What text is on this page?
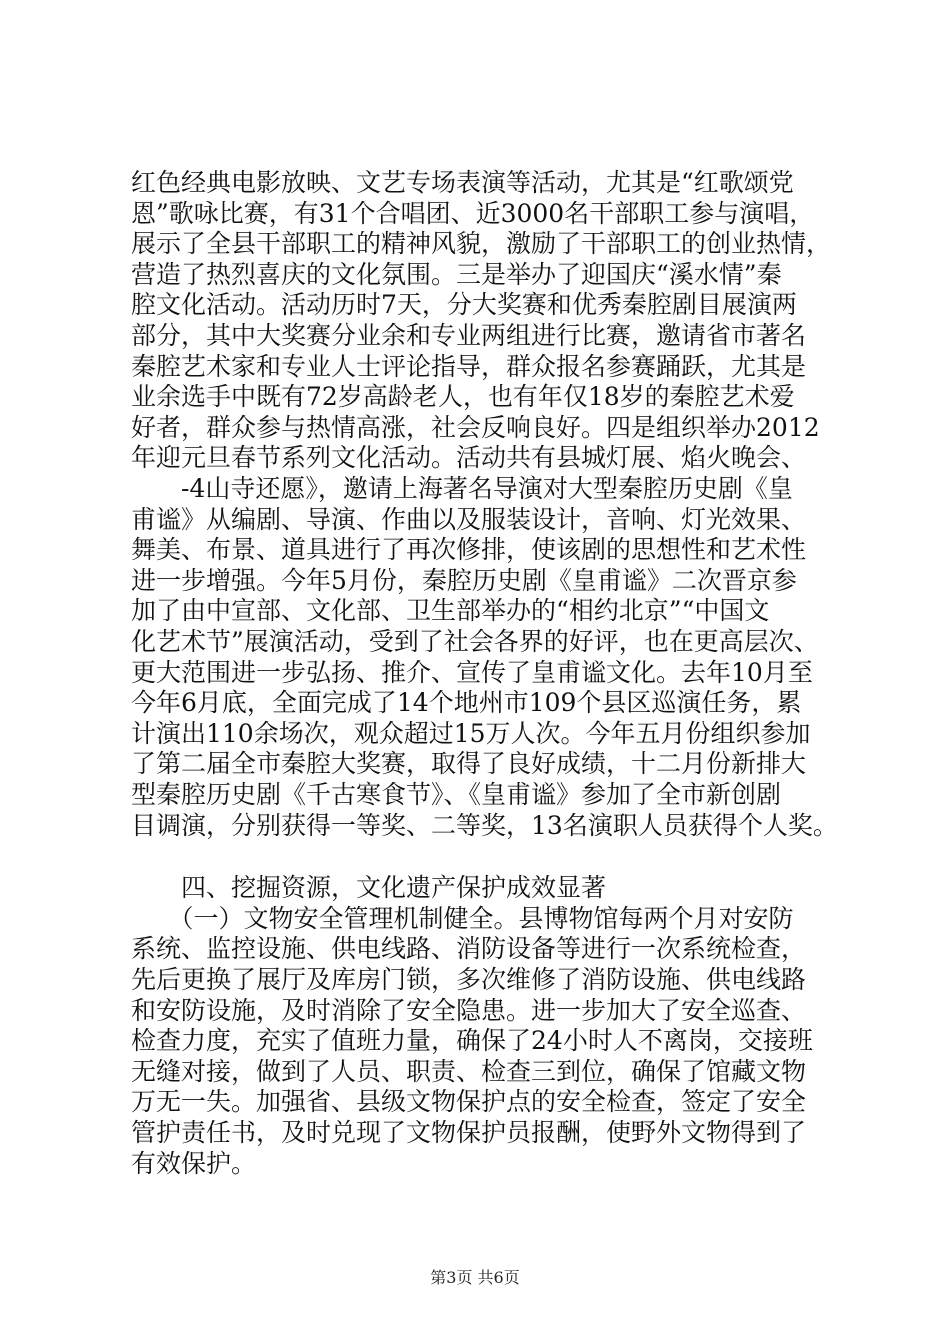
红色经典电影放映、文艺专场表演等活动，尤其是“红歌颂党
恩”歌咏比赛，有31个合唱团、近3000名干部职工参与演唱，
展示了全县干部职工的精神风貌，激励了干部职工的创业热情，
营造了热烈喜庆的文化氛围。三是举办了迎国庆“溪水情”秦
腔文化活动。活动历时7天，分大奖赛和优秀秦腔剧目展演两
部分，其中大奖赛分业余和专业两组进行比赛，邀请省市著名
秦腔艺术家和专业人士评论指导，群众报名参赛踊跃，尤其是
业余选手中既有72岁高龄老人，也有年仅18岁的秦腔艺术爱
好者，群众参与热情高涨，社会反响良好。四是组织举办2012
年迎元旦春节系列文化活动。活动共有县城灯展、焰火晚会、
　　-4山寺还愿》，邀请上海著名导演对大型秦腔历史剧《皇
甫谧》从编剧、导演、作曲以及服装设计，音响、灯光效果、
舞美、布景、道具进行了再次修排，使该剧的思想性和艺术性
进一步增强。今年5月份，秦腔历史剧《皇甫谧》二次晋京参
加了由中宣部、文化部、卫生部举办的“相约北京”“中国文
化艺术节”展演活动，受到了社会各界的好评，也在更高层次、
更大范围进一步弘扬、推介、宣传了皇甫谧文化。去年10月至
今年6月底，全面完成了14个地州市109个县区巡演任务，累
计演出110余场次，观众超过15万人次。今年五月份组织参加
了第二届全市秦腔大奖赛，取得了良好成绩，十二月份新排大
型秦腔历史剧《千古寒食节》、《皇甫谧》参加了全市新创剧
目调演，分别获得一等奖、二等奖，13名演职人员获得个人奖。
　　四、挖掘资源，文化遗产保护成效显著
　　（一）文物安全管理机制健全。县博物馆每两个月对安防
系统、监控设施、供电线路、消防设备等进行一次系统检查，
先后更换了展厅及库房门锁，多次维修了消防设施、供电线路
和安防设施，及时消除了安全隐患。进一步加大了安全巡查、
检查力度，充实了值班力量，确保了24小时人不离岗，交接班
无缝对接，做到了人员、职责、检查三到位，确保了馆藏文物
万无一失。加强省、县级文物保护点的安全检查，签定了安全
管护责任书，及时兑现了文物保护员报酬，使野外文物得到了
有效保护。
第3页 共6页
